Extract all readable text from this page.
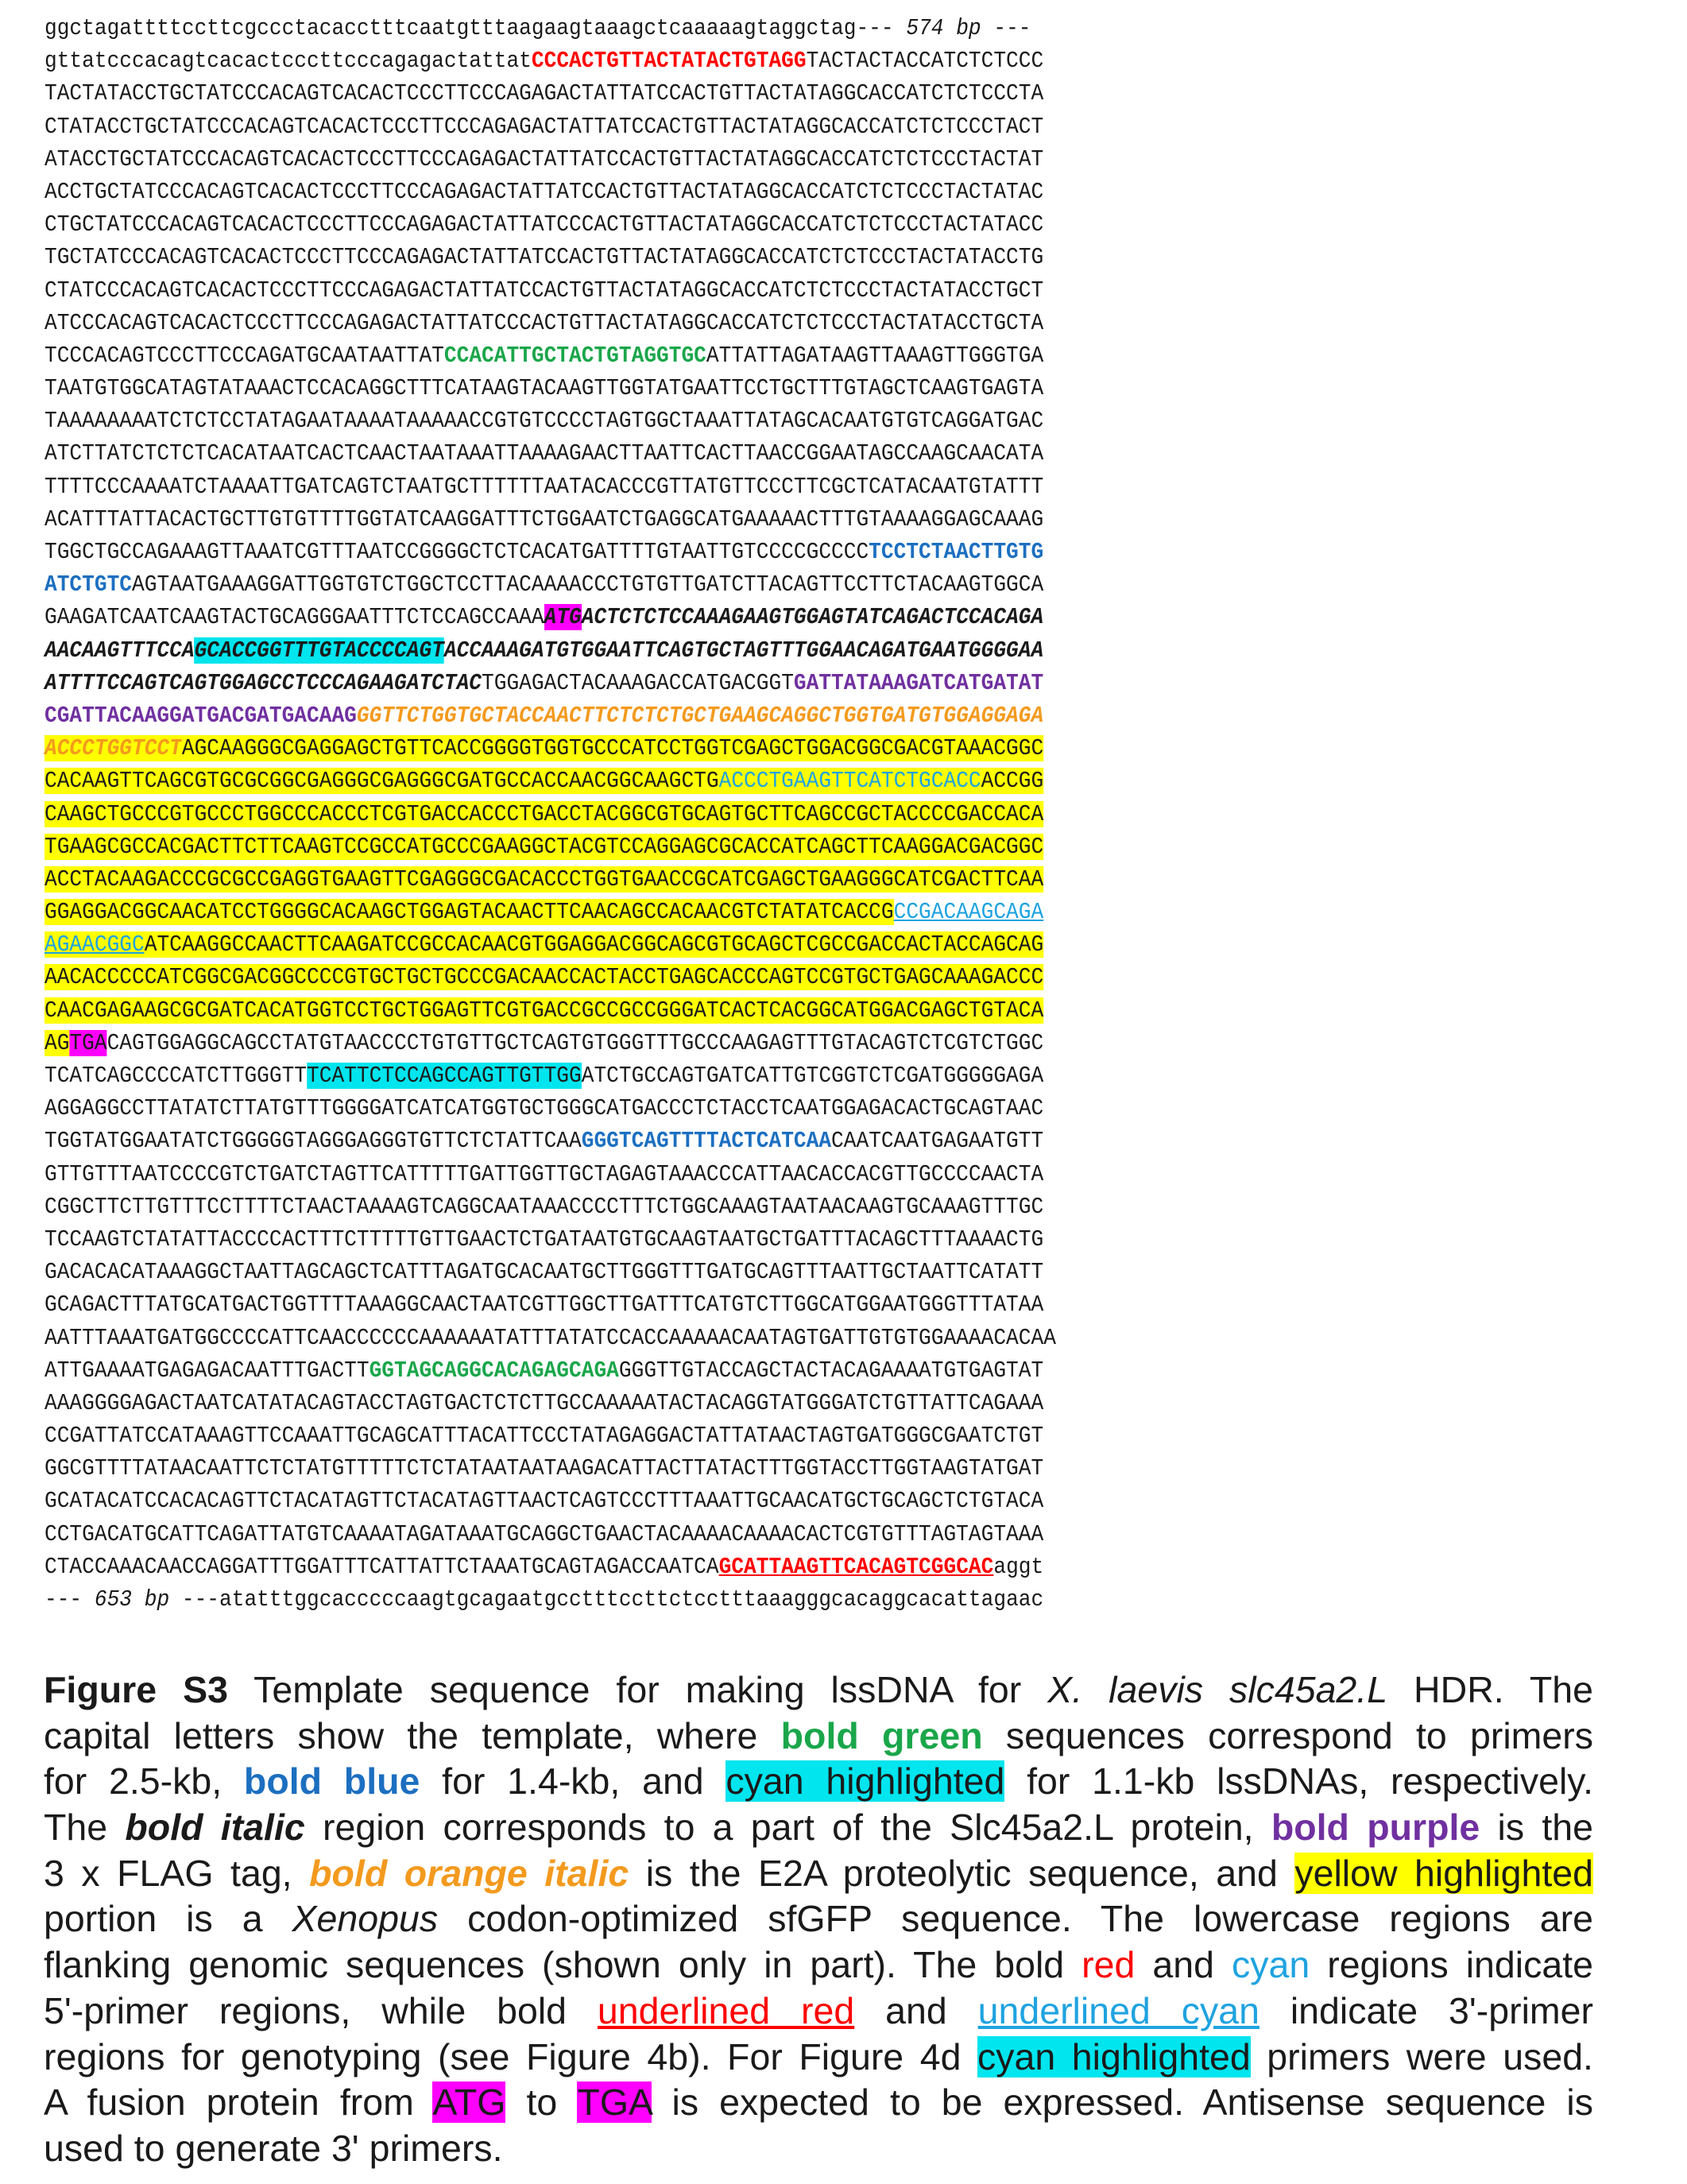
ggctagattttccttcgccctacacctttcaatgtttaagaagtaaagctcaaaaagtaggctag--- 574 bp ---
gttatcccacagtcacactcccttcccagagactattatCCCACTGTTACTATACTGTAGGTACTACTACCATCTCTCCC
TACTATACCTGCTATCCCACAGTCACACTCCCTTCCCAGAGACTATTATCCACTGTTACTATAGGCACCATCTCTCCCTA
CTATACCTGCTATCCCACAGTCACACTCCCTTCCCAGAGACTATTATCCACTGTTACTATAGGCACCATCTCTCCCTACT
ATACCTGCTATCCCACAGTCACACTCCCTTCCCAGAGACTATTATCCACTGTTACTATAGGCACCATCTCTCCCTACTAT
ACCTGCTATCCCACAGTCACACTCCCTTCCCAGAGACTATTATCCACTGTTACTATAGGCACCATCTCTCCCTACTATAC
CTGCTATCCCACAGTCACACTCCCTTCCCAGAGACTATTATCCCACTGTTACTATAGGCACCATCTCTCCCTACTATACC
TGCTATCCCACAGTCACACTCCCTTCCCAGAGACTATTATCCACTGTTACTATAGGCACCATCTCTCCCTACTATACCTG
CTATCCCACAGTCACACTCCCTTCCCAGAGACTATTATCCACTGTTACTATAGGCACCATCTCTCCCTACTATACCTGCT
ATCCCACAGTCACACTCCCTTCCCAGAGACTATTATCCCACTGTTACTATAGGCACCATCTCTCCCTACTATACCTGCTA
TCCCACAGTCCCTTCCCAGATGCAATAATTATCCACATTGCTACTGTAGGTGCATTATTAGATAAGTTAAAGTTGGGTGA
TAATGTGGCATAGTATAAACTCCACAGGCTTTCATAAGTACAAGTTGGTATGAATTCCTGCTTTGTAGCTCAAGTGAGTA
TAAAAAAAATCTCTCCTATAGAATAAAATAAAAACCGTGTCCCCTAGTGGCTAAATTATAGCACAATGTGTCAGGATGAC
ATCTTATCTCTCTCACATAATCACTCAACTAATAAATTAAAAGAACTTAATTCACTTAACCGGAATAGCCAAGCAACATA
TTTTCCCAAAATCTAAAATTGATCAGTCTAATGCTTTTTTAATACACCCGTTATGTTCCCTTCGCTCATACAATGTATTT
ACATTTATTACACTGCTTGTGTTTTGGTATCAAGGATTTCTGGAATCTGAGGCATGAAAAACTTTGTAAAAGGAGCAAAG
TGGCTGCCAGAAAGTTAAATCGTTTAATCCGGGGCTCTCACATGATTTTGTAATTGTCCCCGCCCCTCCTCTAACTTGTG
ATCTGTCAGTAATGAAAGGATTGGTGTCTGGCTCCTTACAAAACCCTGTGTTGATCTTACAGTTCCTTCTACAAGTGGCA
GAAGATCAATCAAGTACTGCAGGGAATTTCTCCAGCCAAAATGACTCTCTCCAAAGAAGTGGAGTATCAGACTCCACAGA
AACAAGTTTCCAGCACCGGTTTGTACCCCAGTACCAAAGATGTGGAATTCAGTGCTAGTTTGGAACAGATGAATGGGGAA
ATTTTCCAGTCAGTGGAGCCTCCCAGAAGATCTACTGGAGACTACAAAGACCATGACGGTGATTATAAAGATCATGATAT
CGATTACAAGGATGACGATGACAAGGGTTCTGGTGCTACCAACTTCTCTCTGCTGAAGCAGGCTGGTGATGTGGAGGAGA
ACCCTGGTCCTAGCAAGGGCGAGGAGCTGTTCACCGGGGTGGTGCCCATCCTGGTCGAGCTGGACGGCGACGTAAACGGC
CACAAGTTCAGCGTGCGCGGCGAGGGCGAGGGCGATGCCACCAACGGCAAGCTGACCCTGAAGTTCATCTGCACCACCGG
CAAGCTGCCCGTGCCCTGGCCCACCCTCGTGACCACCCTGACCTACGGCGTGCAGTGCTTCAGCCGCTACCCCGACCACA
TGAAGCGCCACGACTTCTTCAAGTCCGCCATGCCCGAAGGCTACGTCCAGGAGCGCACCATCAGCTTCAAGGACGACGGC
ACCTACAAGACCCGCGCCGAGGTGAAGTTCGAGGGCGACACCCTGGTGAACCGCATCGAGCTGAAGGGCATCGACTTCAA
GGAGGACGGCAACATCCTGGGGCACAAGCTGGAGTACAACTTCAACAGCCACAACGTCTATATCACCGCCGACAAGCAGA
AGAACGGCATCAAGGCCAACTTCAAGATCCGCCACAACGTGGAGGACGGCAGCGTGCAGCTCGCCGACCACTACCAGCAG
AACACCCCCATCGGCGACGGCCCCGTGCTGCTGCCCGACAACCACTACCTGAGCACCCAGTCCGTGCTGAGCAAAGACCC
CAACGAGAAGCGCGATCACATGGTCCTGCTGGAGTTCGTGACCGCCGCCGGGATCACTCACGGCATGGACGAGCTGTACA
AGTGACAGTGGAGGCAGCCTATGTAACCCCTGTGTTGCTCAGTGTGGGTTTGCCCAAGAGTTTGTACAGTCTCGTCTGGC
TCATCAGCCCCATCTTGGGTTTCATTCTCCAGCCAGTTGTTGGATCTGCCAGTGATCATTGTCGGTCTCGATGGGGGAGA
AGGAGGCCTTATATCTTATGTTTGGGGATCATCATGGTGCTGGGCATGACCCTCTACCTCAATGGAGACACTGCAGTAAC
TGGTATGGAATATCTGGGGGTAGGGAGGGTGTTCTCTATTCAAGGGTCAGTTTTACTCATCAACAATCAATGAGAATGTT
GTTGTTTAATCCCCGTCTGATCTAGTTCATTTTTGATTGGTTGCTAGAGTAAACCCATTAACACCACGTTGCCCCAACTA
CGGCTTCTTGTTTCCTTTTCTAACTAAAAGTCAGGCAATAAACCCCTTTCTGGCAAAGTAATAACAAGTGCAAAGTTTGC
TCCAAGTCTATATTACCCCACTTTCTTTTTGTTGAACTCTGATAATGTGCAAGTAATGCTGATTTACAGCTTTAAAACTG
GACACACATAAAGGCTAATTAGCAGCTCATTTAGATGCACAATGCTTGGGTTTGATGCAGTTTAATTGCTAATTCATATT
GCAGACTTTATGCATGACTGGTTTTAAAGGCAACTAATCGTTGGCTTGATTTCATGTCTTGGCATGGAATGGGTTTATAA
AATTTAAATGATGGCCCCATTCAACCCCCCAAAAAATATTTATATCCACCAAAAACAATAGTGATTGTGTGGAAAACACAA
ATTGAAAATGAGAGACAATTTGACTTGGTAGCAGGCACAGAGCAGAGGGTTGTACCAGCTACTACAGAAAATGTGAGTAT
AAAGGGGAGACTAATCATATACAGTACCTAGTGACTCTCTTGCCAAAAATACTACAGGTATGGGATCTGTTATTCAGAAA
CCGATTATCCATAAAGTTCCAAATTGCAGCATTTACATTCCCTATAGAGGACTATTATAACTAGTGATGGGCGAATCTGT
GGCGTTTTATAACAATTCTCTATGTTTTTCTCTATAATAATAAGACATTACTTATACTTTGGTACCTTGGTAAGTATGAT
GCATACATCCACACAGTTCTACATAGTTCTACATAGTTAACTCAGTCCCTTTAAATTGCAACATGCTGCAGCTCTGTACA
CCTGACATGCATTCAGATTATGTCAAAATAGATAAATGCAGGCTGAACTACAAAACAAAACACTCGTGTTTAGTAGTAAA
CTACCAAACAACCAGGATTTGGATTTCATTATTCTAAATGCAGTAGACCAATCAGCATTAAGTTCACAGTCGGCACaggt
--- 653 bp ---atatttggcacccccaagtgcagaatgcctttccttctcctttaaagggcacaggcacattagaac
Figure S3 Template sequence for making lssDNA for X. laevis slc45a2.L HDR. The
capital letters show the template, where bold green sequences correspond to primers
for 2.5-kb, bold blue for 1.4-kb, and cyan highlighted for 1.1-kb lssDNAs, respectively.
The bold italic region corresponds to a part of the Slc45a2.L protein, bold purple is the
3 x FLAG tag, bold orange italic is the E2A proteolytic sequence, and yellow highlighted
portion is a Xenopus codon-optimized sfGFP sequence. The lowercase regions are
flanking genomic sequences (shown only in part). The bold red and cyan regions indicate
5'-primer regions, while bold underlined red and underlined cyan indicate 3'-primer
regions for genotyping (see Figure 4b). For Figure 4d cyan highlighted primers were used.
A fusion protein from ATG to TGA is expected to be expressed. Antisense sequence is
used to generate 3' primers.
